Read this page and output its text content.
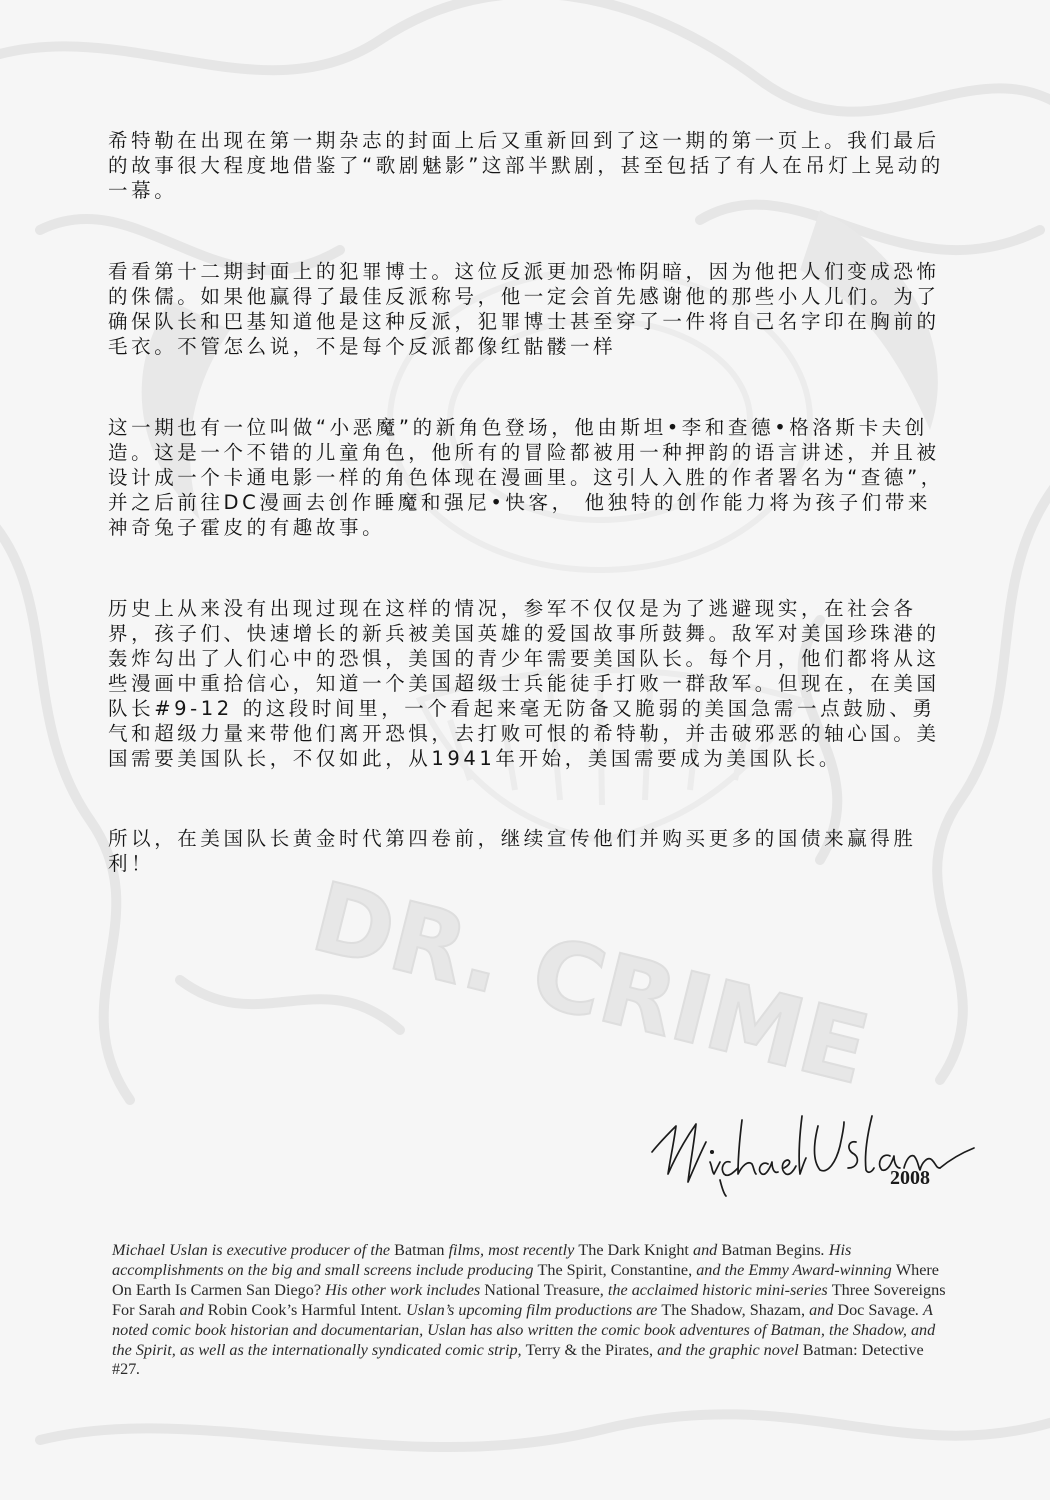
DR. CRIME

希特勒在出现在第一期杂志的封面上后又重新回到了这一期的第一页上。我们最后的故事很大程度地借鉴了“歌剧魅影”这部半默剧，甚至包括了有人在吊灯上晃动的一幕。

看看第十二期封面上的犯罪博士。这位反派更加恐怖阴暗，因为他把人们变成恐怖的侏儒。如果他赢得了最佳反派称号，他一定会首先感谢他的那些小人儿们。为了确保队长和巴基知道他是这种反派，犯罪博士甚至穿了一件将自己名字印在胸前的毛衣。不管怎么说，不是每个反派都像红骷髅一样

这一期也有一位叫做“小恶魔”的新角色登场，他由斯坦•李和查德•格洛斯卡夫创造。这是一个不错的儿童角色，他所有的冒险都被用一种押韵的语言讲述，并且被设计成一个卡通电影一样的角色体现在漫画里。这引人入胜的作者署名为“查德”，并之后前往DC漫画去创作睡魔和强尼•快客， 他独特的创作能力将为孩子们带来神奇兔子霍皮的有趣故事。

历史上从来没有出现过现在这样的情况，参军不仅仅是为了逃避现实，在社会各界，孩子们、快速增长的新兵被美国英雄的爱国故事所鼓舞。敌军对美国珍珠港的轰炸勾出了人们心中的恐惧，美国的青少年需要美国队长。每个月，他们都将从这些漫画中重拾信心，知道一个美国超级士兵能徒手打败一群敌军。但现在，在美国队长#9-12 的这段时间里，一个看起来毫无防备又脆弱的美国急需一点鼓励、勇气和超级力量来带他们离开恐惧，去打败可恨的希特勒，并击破邪恶的轴心国。美国需要美国队长，不仅如此，从1941年开始，美国需要成为美国队长。

所以，在美国队长黄金时代第四卷前，继续宣传他们并购买更多的国债来赢得胜利！

2008
Michael Uslan is executive producer of the Batman films, most recently The Dark Knight and Batman Begins. His accomplishments on the big and small screens include producing The Spirit, Constantine, and the Emmy Award-winning Where On Earth Is Carmen San Diego? His other work includes National Treasure, the acclaimed historic mini-series Three Sovereigns For Sarah and Robin Cook’s Harmful Intent. Uslan’s upcoming film productions are The Shadow, Shazam, and Doc Savage. A noted comic book historian and documentarian, Uslan has also written the comic book adventures of Batman, the Shadow, and the Spirit, as well as the internationally syndicated comic strip, Terry & the Pirates, and the graphic novel Batman: Detective #27.
